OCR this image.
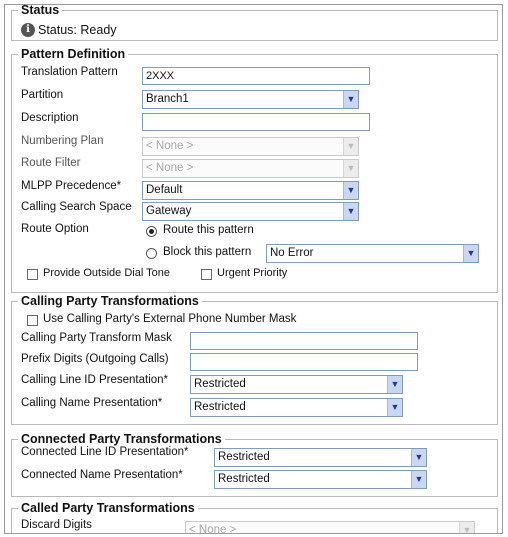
Status
i Status: Ready
Pattern Definition
Translation Pattern	2XXX
Partition	Branch1	▼
Description
Numbering Plan	< None >	▼
Route Filter	< None >	▼
MLPP Precedence*	Default	▼
Calling Search Space	Gateway	▼
Route Option	Route this pattern
Block this pattern	No Error	▼
Provide Outside Dial Tone	Urgent Priority
Calling Party Transformations
Use Calling Party's External Phone Number Mask
Calling Party Transform Mask
Prefix Digits (Outgoing Calls)
Calling Line ID Presentation*	Restricted	▼
Calling Name Presentation*	Restricted	▼
Connected Party Transformations
Connected Line ID Presentation*	Restricted	▼
Connected Name Presentation*	Restricted	▼
Called Party Transformations
Discard Digits	< None >	▼
